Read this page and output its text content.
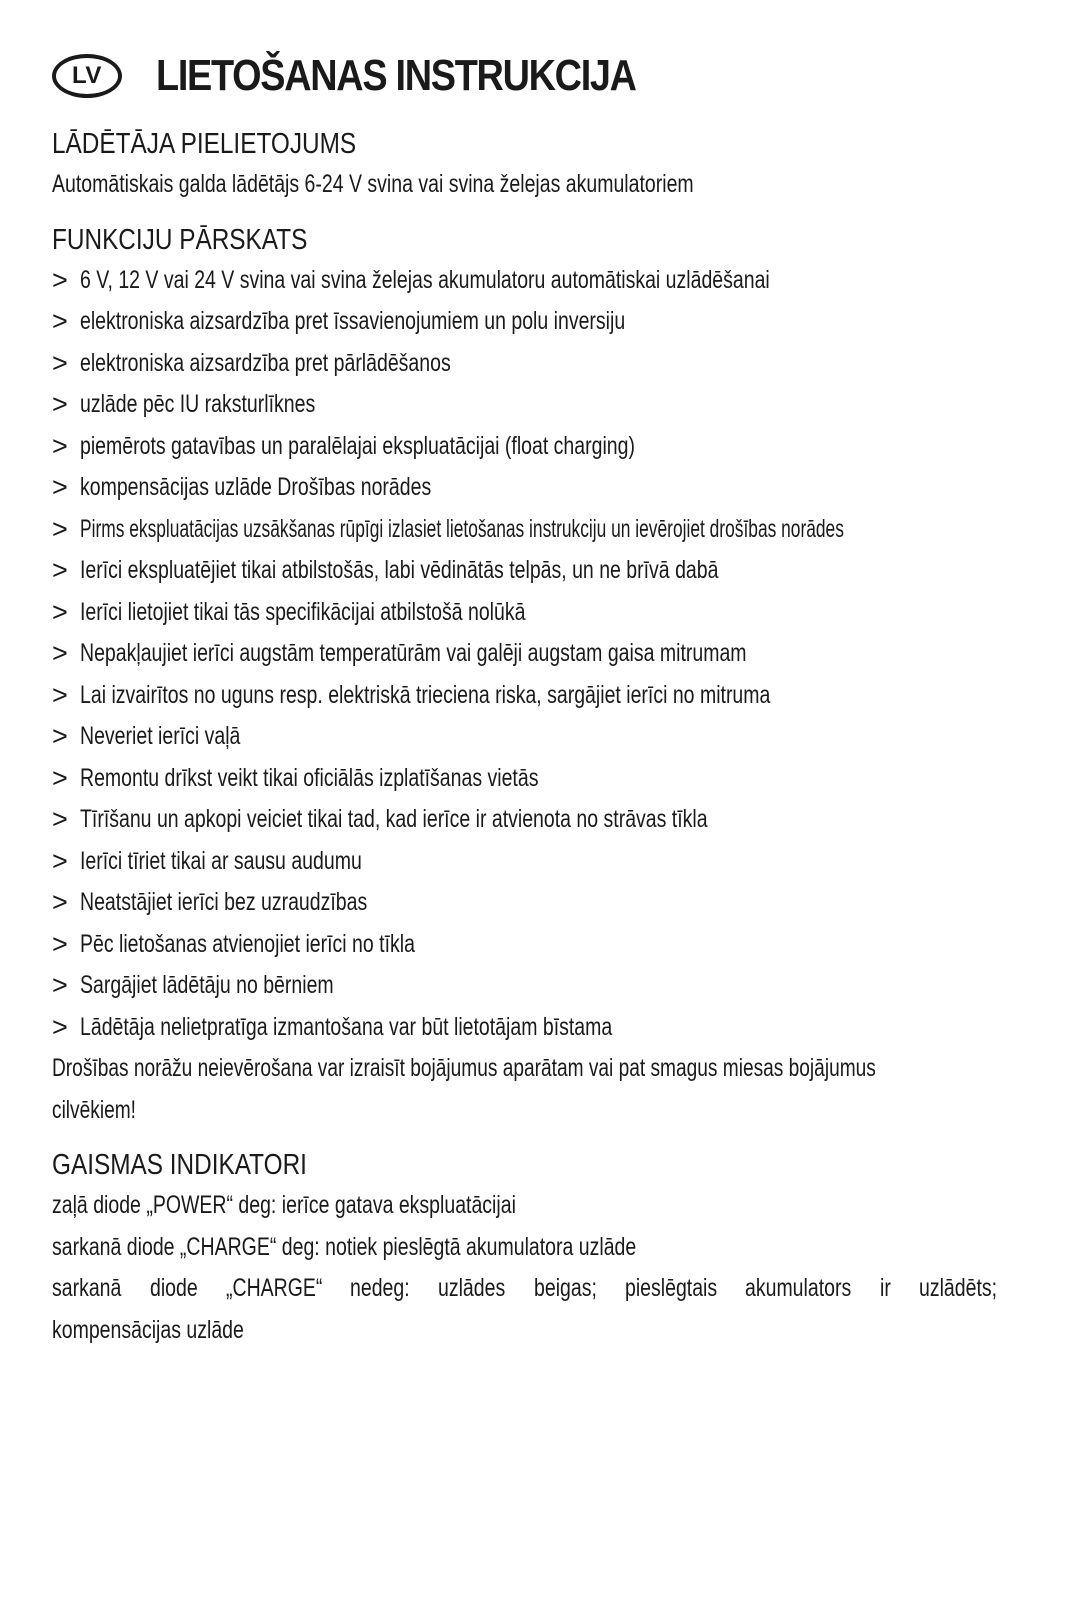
LV	LIETOŠANAS INSTRUKCIJA
LĀDĒTĀJA PIELIETOJUMS
Automātiskais galda lādētājs 6-24 V svina vai svina želejas akumulatoriem
FUNKCIJU PĀRSKATS
> 6 V, 12 V vai 24 V svina vai svina želejas akumulatoru automātiskai uzlādēšanai
> elektroniska aizsardzība pret īssavienojumiem un polu inversiju
> elektroniska aizsardzība pret pārlādēšanos
> uzlāde pēc IU raksturlīknes
> piemērots gatavības un paralēlajai ekspluatācijai (float charging)
> kompensācijas uzlāde Drošības norādes
> Pirms ekspluatācijas uzsākšanas rūpīgi izlasiet lietošanas instrukciju un ievērojiet drošības norādes
> Ierīci ekspluatējiet tikai atbilstošās, labi vēdinātās telpās, un ne brīvā dabā
> Ierīci lietojiet tikai tās specifikācijai atbilstošā nolūkā
> Nepakļaujiet ierīci augstām temperatūrām vai galēji augstam gaisa mitrumam
> Lai izvairītos no uguns resp. elektriskā trieciena riska, sargājiet ierīci no mitruma
> Neveriet ierīci vaļā
> Remontu drīkst veikt tikai oficiālās izplatīšanas vietās
> Tīrīšanu un apkopi veiciet tikai tad, kad ierīce ir atvienota no strāvas tīkla
> Ierīci tīriet tikai ar sausu audumu
> Neatstājiet ierīci bez uzraudzības
> Pēc lietošanas atvienojiet ierīci no tīkla
> Sargājiet lādētāju no bērniem
> Lādētāja nelietpratīga izmantošana var būt lietotājam bīstama
Drošības norāžu neievērošana var izraisīt bojājumus aparātam vai pat smagus miesas bojājumus
cilvēkiem!
GAISMAS INDIKATORI
zaļā diode „POWER“ deg: ierīce gatava ekspluatācijai
sarkanā diode „CHARGE“ deg: notiek pieslēgtā akumulatora uzlāde
sarkanā diode „CHARGE“ nedeg: uzlādes beigas; pieslēgtais akumulators ir uzlādēts;
kompensācijas uzlāde
